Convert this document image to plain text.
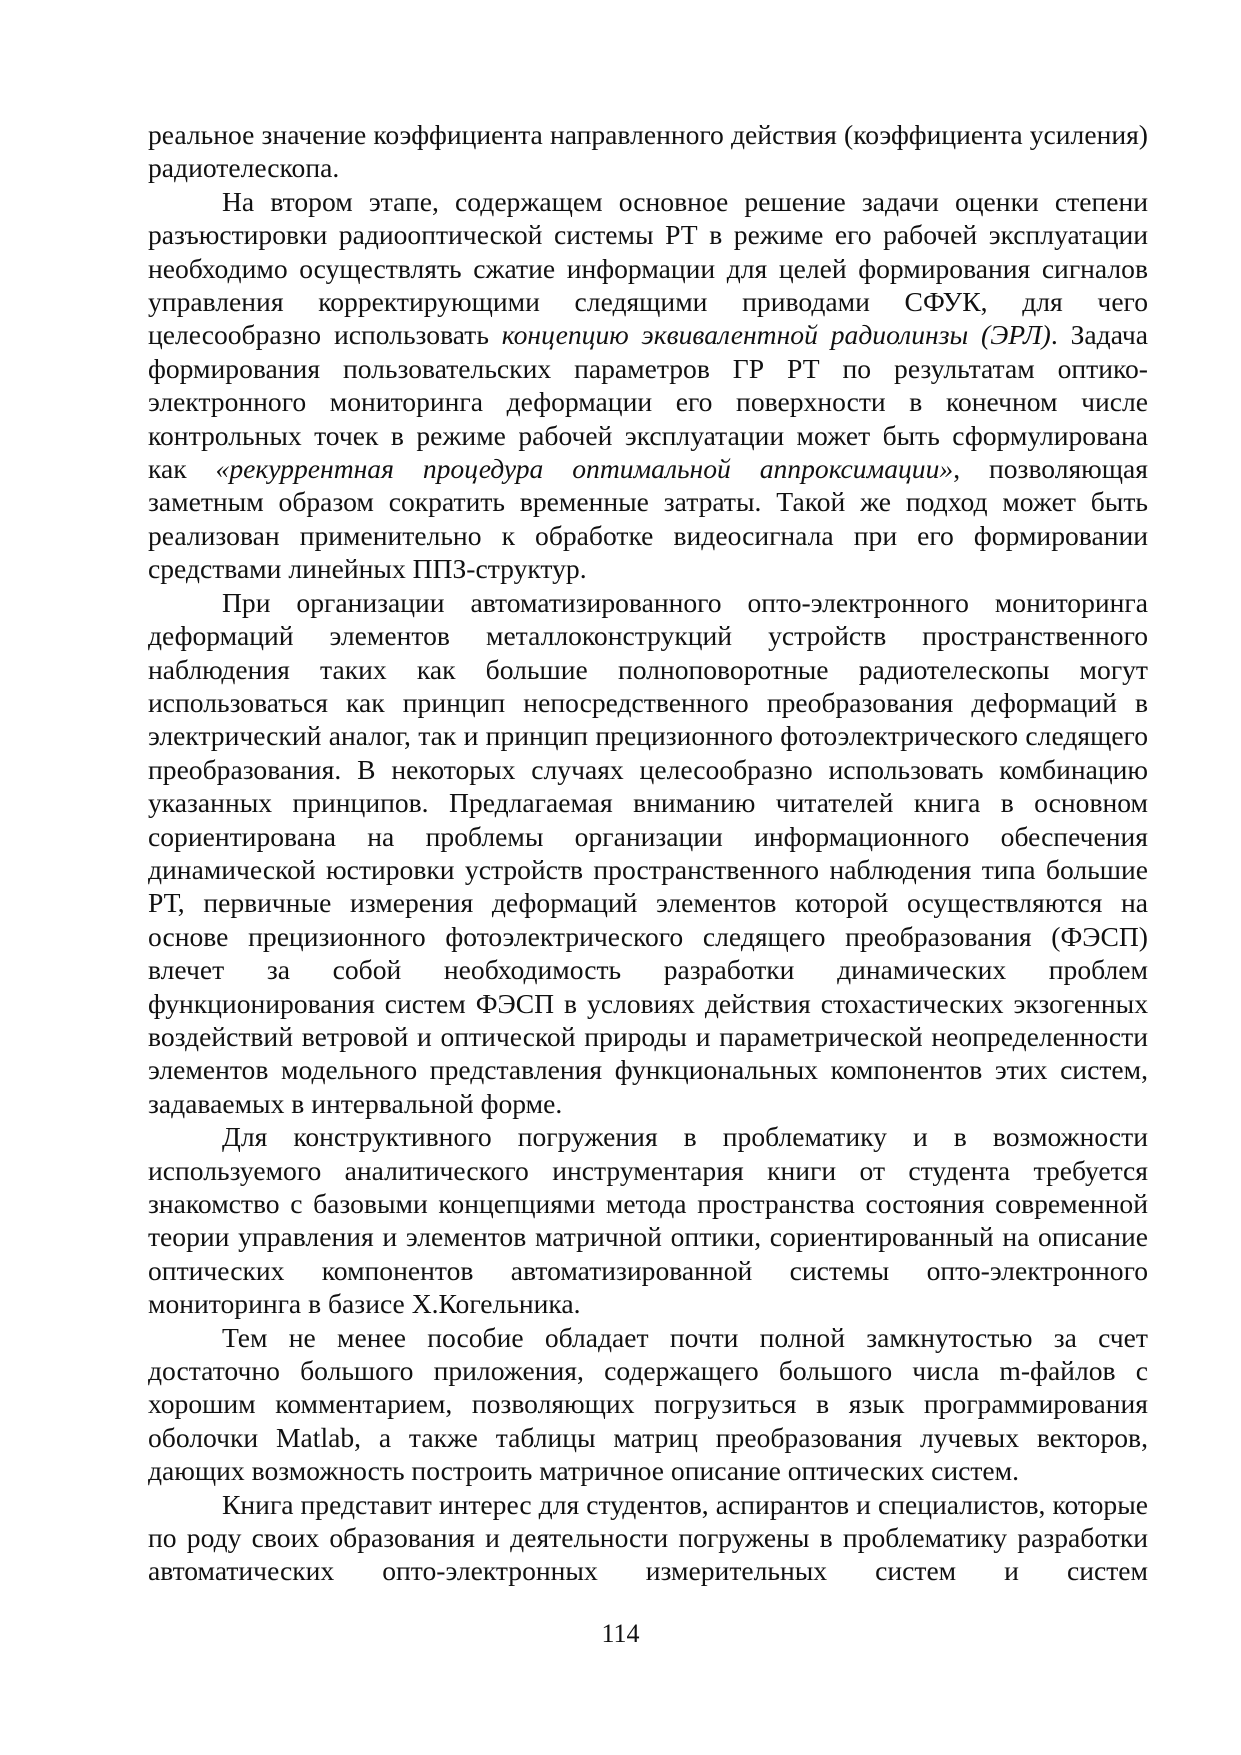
реальное значение коэффициента направленного действия (коэффициента усиления) радиотелескопа.

На втором этапе, содержащем основное решение задачи оценки степени разъюстировки радиооптической системы РТ в режиме его рабочей эксплуатации необходимо осуществлять сжатие информации для целей формирования сигналов управления корректирующими следящими приводами СФУК, для чего целесообразно использовать концепцию эквивалентной радиолинзы (ЭРЛ). Задача формирования пользовательских параметров ГР РТ по результатам оптико-электронного мониторинга деформации его поверхности в конечном числе контрольных точек в режиме рабочей эксплуатации может быть сформулирована как «рекуррентная процедура оптимальной аппроксимации», позволяющая заметным образом сократить временные затраты. Такой же подход может быть реализован применительно к обработке видеосигнала при его формировании средствами линейных ППЗ-структур.

При организации автоматизированного опто-электронного мониторинга деформаций элементов металлоконструкций устройств пространственного наблюдения таких как большие полноповоротные радиотелескопы могут использоваться как принцип непосредственного преобразования деформаций в электрический аналог, так и принцип прецизионного фотоэлектрического следящего преобразования. В некоторых случаях целесообразно использовать комбинацию указанных принципов. Предлагаемая вниманию читателей книга в основном сориентирована на проблемы организации информационного обеспечения динамической юстировки устройств пространственного наблюдения типа большие РТ, первичные измерения деформаций элементов которой осуществляются на основе прецизионного фотоэлектрического следящего преобразования (ФЭСП) влечет за собой необходимость разработки динамических проблем функционирования систем ФЭСП в условиях действия стохастических экзогенных воздействий ветровой и оптической природы и параметрической неопределенности элементов модельного представления функциональных компонентов этих систем, задаваемых в интервальной форме.

Для конструктивного погружения в проблематику и в возможности используемого аналитического инструментария книги от студента требуется знакомство с базовыми концепциями метода пространства состояния современной теории управления и элементов матричной оптики, сориентированный на описание оптических компонентов автоматизированной системы опто-электронного мониторинга в базисе Х.Когельника.

Тем не менее пособие обладает почти полной замкнутостью за счет достаточно большого приложения, содержащего большого числа m-файлов с хорошим комментарием, позволяющих погрузиться в язык программирования оболочки Matlab, а также таблицы матриц преобразования лучевых векторов, дающих возможность построить матричное описание оптических систем.

Книга представит интерес для студентов, аспирантов и специалистов, которые по роду своих образования и деятельности погружены в проблематику разработки автоматических опто-электронных измерительных систем и систем

114
